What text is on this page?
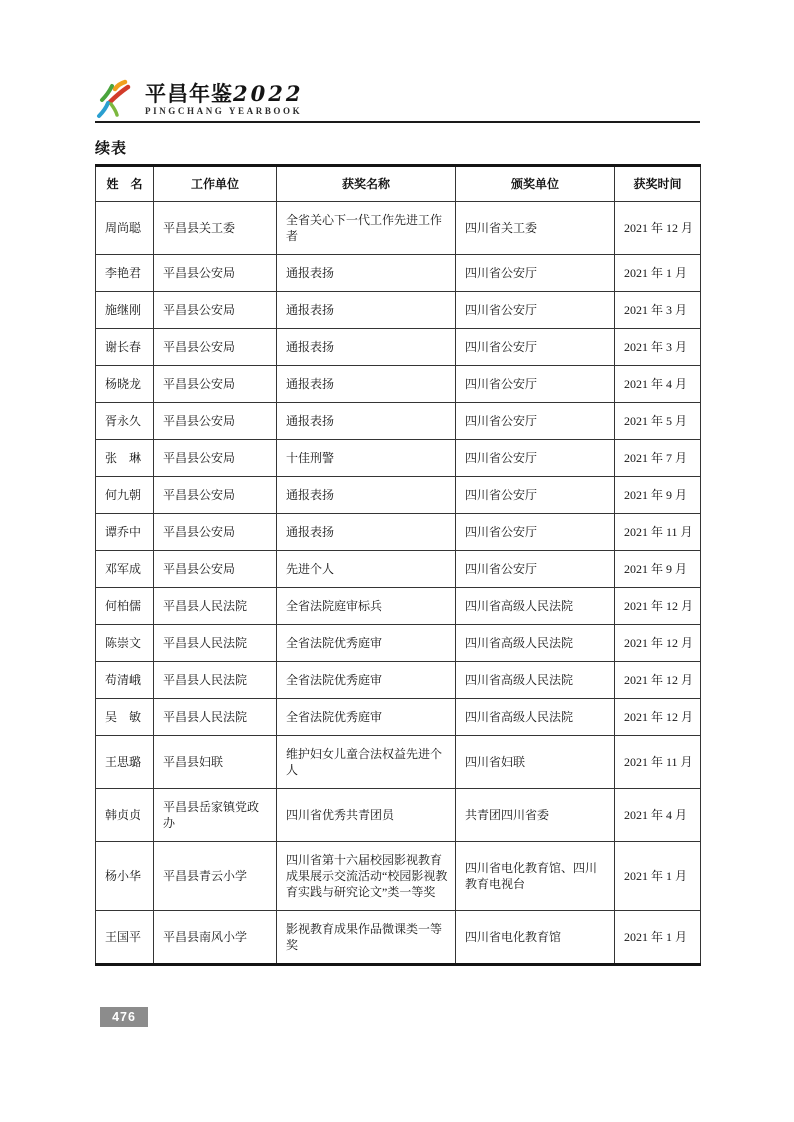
平昌年鉴2022
PINGCHANG YEARBOOK
续表
姓　名	工作单位	获奖名称	颁奖单位	获奖时间
周尚聪	平昌县关工委	全省关心下一代工作先进工作者	四川省关工委	2021 年 12 月
李艳君	平昌县公安局	通报表扬	四川省公安厅	2021 年 1 月
施继刚	平昌县公安局	通报表扬	四川省公安厅	2021 年 3 月
谢长春	平昌县公安局	通报表扬	四川省公安厅	2021 年 3 月
杨晓龙	平昌县公安局	通报表扬	四川省公安厅	2021 年 4 月
胥永久	平昌县公安局	通报表扬	四川省公安厅	2021 年 5 月
张　琳	平昌县公安局	十佳刑警	四川省公安厅	2021 年 7 月
何九朝	平昌县公安局	通报表扬	四川省公安厅	2021 年 9 月
谭乔中	平昌县公安局	通报表扬	四川省公安厅	2021 年 11 月
邓军成	平昌县公安局	先进个人	四川省公安厅	2021 年 9 月
何柏儒	平昌县人民法院	全省法院庭审标兵	四川省高级人民法院	2021 年 12 月
陈崇文	平昌县人民法院	全省法院优秀庭审	四川省高级人民法院	2021 年 12 月
苟清峨	平昌县人民法院	全省法院优秀庭审	四川省高级人民法院	2021 年 12 月
吴　敏	平昌县人民法院	全省法院优秀庭审	四川省高级人民法院	2021 年 12 月
王思璐	平昌县妇联	维护妇女儿童合法权益先进个人	四川省妇联	2021 年 11 月
韩贞贞	平昌县岳家镇党政办	四川省优秀共青团员	共青团四川省委	2021 年 4 月
杨小华	平昌县青云小学	四川省第十六届校园影视教育成果展示交流活动“校园影视教育实践与研究论文”类一等奖	四川省电化教育馆、四川教育电视台	2021 年 1 月
王国平	平昌县南风小学	影视教育成果作品微课类一等奖	四川省电化教育馆	2021 年 1 月
476
